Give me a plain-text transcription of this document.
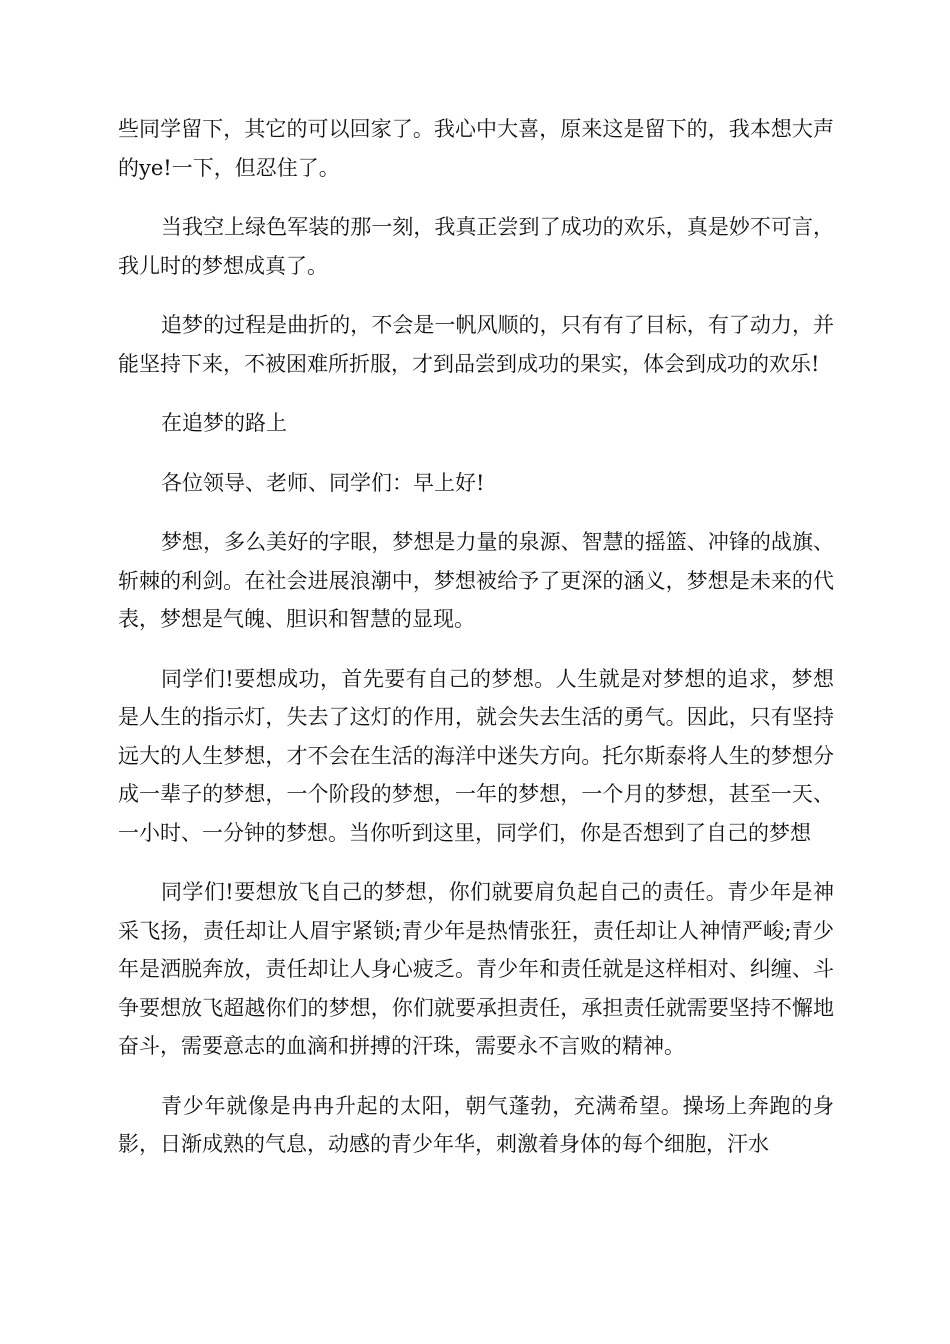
些同学留下，其它的可以回家了。我心中大喜，原来这是留下的，我本想大声的ye!一下，但忍住了。

当我空上绿色军装的那一刻，我真正尝到了成功的欢乐，真是妙不可言，我儿时的梦想成真了。

追梦的过程是曲折的，不会是一帆风顺的，只有有了目标，有了动力，并能坚持下来，不被困难所折服，才到品尝到成功的果实，体会到成功的欢乐!

在追梦的路上

各位领导、老师、同学们：早上好!

梦想，多么美好的字眼，梦想是力量的泉源、智慧的摇篮、冲锋的战旗、斩棘的利剑。在社会进展浪潮中，梦想被给予了更深的涵义，梦想是未来的代表，梦想是气魄、胆识和智慧的显现。

同学们!要想成功，首先要有自己的梦想。人生就是对梦想的追求，梦想是人生的指示灯，失去了这灯的作用，就会失去生活的勇气。因此，只有坚持远大的人生梦想，才不会在生活的海洋中迷失方向。托尔斯泰将人生的梦想分成一辈子的梦想，一个阶段的梦想，一年的梦想，一个月的梦想，甚至一天、一小时、一分钟的梦想。当你听到这里，同学们，你是否想到了自己的梦想

同学们!要想放飞自己的梦想，你们就要肩负起自己的责任。青少年是神采飞扬，责任却让人眉宇紧锁;青少年是热情张狂，责任却让人神情严峻;青少年是洒脱奔放，责任却让人身心疲乏。青少年和责任就是这样相对、纠缠、斗争要想放飞超越你们的梦想，你们就要承担责任，承担责任就需要坚持不懈地奋斗，需要意志的血滴和拼搏的汗珠，需要永不言败的精神。

青少年就像是冉冉升起的太阳，朝气蓬勃，充满希望。操场上奔跑的身影，日渐成熟的气息，动感的青少年华，刺激着身体的每个细胞，汗水
